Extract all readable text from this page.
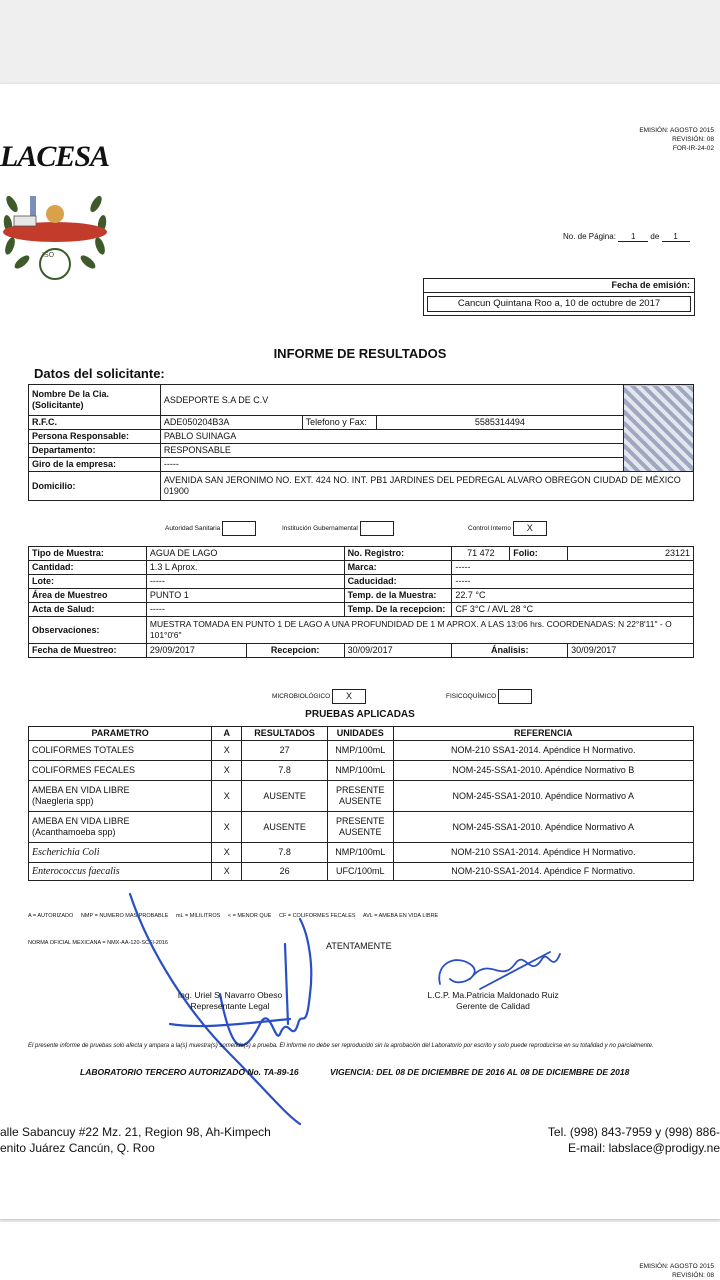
EMISIÓN: AGOSTO 2015
REVISIÓN: 08
FOR-IR-24-02
LACESA
ISO
No. de Página: 1 de 1
Fecha de emisión:
Cancun Quintana Roo a, 10 de octubre de 2017
INFORME DE RESULTADOS
Datos del solicitante:
Nombre De la Cia. (Solicitante)	ASDEPORTE S.A DE C.V			
R.F.C.	ADE050204B3A	Telefono y Fax:	5585314494	
Persona Responsable:	PABLO SUINAGA			
Departamento:	RESPONSABLE			
Giro de la empresa:	-----			
Domicilio:	AVENIDA SAN JERONIMO NO. EXT. 424 NO. INT. PB1 JARDINES DEL PEDREGAL ALVARO OBREGON CIUDAD DE MÉXICO 01900			
Autoridad Sanitaria	Institución Gubernamental	Control Interno X
Tipo de Muestra:	AGUA DE LAGO		No. Registro:	71 472	Folio:	23121
Cantidad:	1.3 L Aprox.		Marca:	-----		
Lote:	-----		Caducidad:	-----		
Área de Muestreo	PUNTO 1		Temp. de la Muestra:	22.7 °C		
Acta de Salud:	-----		Temp. De la recepcion:	CF 3°C / AVL 28 °C		
Observaciones:	MUESTRA TOMADA EN PUNTO 1 DE LAGO A UNA PROFUNDIDAD DE 1 M APROX. A LAS 13:06 hrs. COORDENADAS: N 22°8'11" - O 101°0'6"					
Fecha de Muestreo:	29/09/2017	Recepcion:	30/09/2017	Ánalisis:		30/09/2017
MICROBIOLÓGICO X	FISICOQUÍMICO
PRUEBAS APLICADAS
PARAMETRO	A	RESULTADOS	UNIDADES	REFERENCIA
COLIFORMES TOTALES	X	27	NMP/100mL	NOM-210 SSA1-2014. Apéndice H Normativo.
COLIFORMES FECALES	X	7.8	NMP/100mL	NOM-245-SSA1-2010. Apéndice Normativo B

AMEBA EN VIDA LIBRE
(Naegleria spp)	X	AUSENTE	PRESENTE AUSENTE	NOM-245-SSA1-2010. Apéndice Normativo A

AMEBA EN VIDA LIBRE
(Acanthamoeba spp)	X	AUSENTE	PRESENTE AUSENTE	NOM-245-SSA1-2010. Apéndice Normativo A
Escherichia Coli	X	7.8	NMP/100mL	NOM-210 SSA1-2014. Apéndice H Normativo.
Enterococcus faecalis	X	26	UFC/100mL	NOM-210-SSA1-2014. Apéndice F Normativo.

A = AUTORIZADO     NMP = NUMERO MAS PROBABLE     mL = MILILITROS     < = MENOR QUE     CF = COLIFORMES FECALES     AVL = AMEBA EN VIDA LIBRE

NORMA OFICIAL MEXICANA = NMX-AA-120-SCFI-2016

	ATENTAMENTE
Ing. Uriel S. Navarro Obeso
Representante Legal
L.C.P. Ma.Patricia Maldonado Ruiz
Gerente de Calidad
El presente informe de pruebas solo afecta y ampara a la(s) muestra(s) sometida(s) a prueba. El informe no debe ser reproducido sin la aprobación del Laboratorio por escrito y solo puede reproducirse en su totalidad y no parcialmente.
LABORATORIO TERCERO AUTORIZADO No. TA-89-16	VIGENCIA: DEL 08 DE DICIEMBRE DE 2016 AL 08 DE DICIEMBRE DE 2018
alle Sabancuy #22 Mz. 21, Region 98, Ah-Kimpech
enito Juárez Cancún, Q. Roo
Tel. (998) 843-7959 y (998) 886-
E-mail: labslace@prodigy.ne
EMISIÓN: AGOSTO 2015
REVISIÓN: 08
